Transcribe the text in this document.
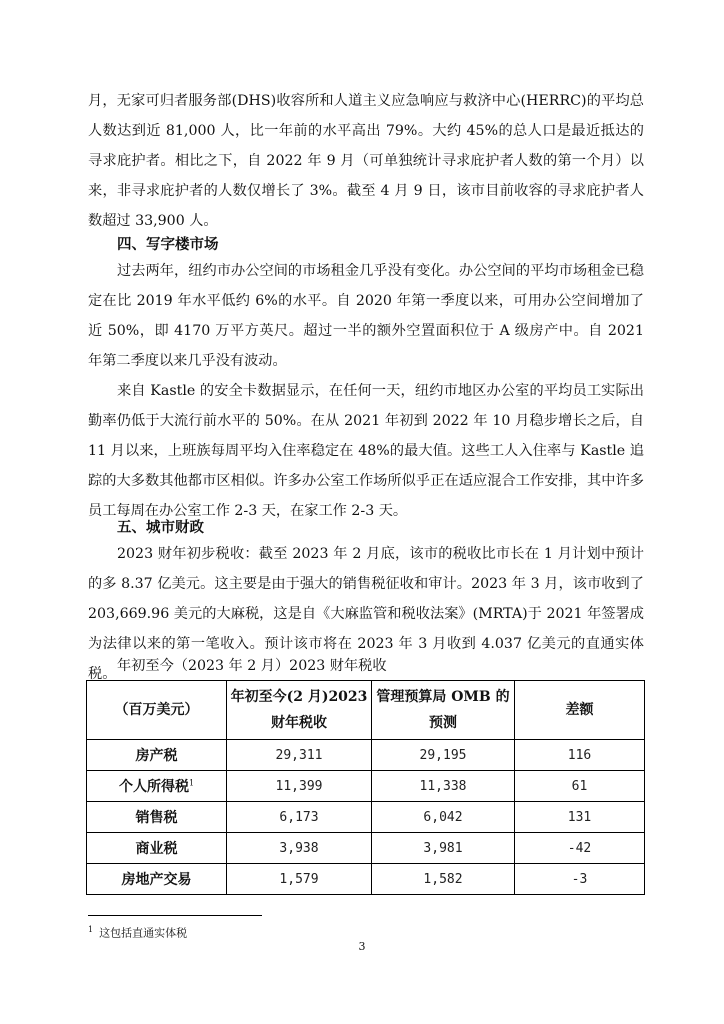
月，无家可归者服务部(DHS)收容所和人道主义应急响应与救济中心(HERRC)的平均总人数达到近 81,000 人，比一年前的水平高出 79%。大约 45%的总人口是最近抵达的寻求庇护者。相比之下，自 2022 年 9 月（可单独统计寻求庇护者人数的第一个月）以来，非寻求庇护者的人数仅增长了 3%。截至 4 月 9 日，该市目前收容的寻求庇护者人数超过 33,900 人。

四、写字楼市场

过去两年，纽约市办公空间的市场租金几乎没有变化。办公空间的平均市场租金已稳定在比 2019 年水平低约 6%的水平。自 2020 年第一季度以来，可用办公空间增加了近 50%，即 4170 万平方英尺。超过一半的额外空置面积位于 A 级房产中。自 2021 年第二季度以来几乎没有波动。

来自 Kastle 的安全卡数据显示，在任何一天，纽约市地区办公室的平均员工实际出勤率仍低于大流行前水平的 50%。在从 2021 年初到 2022 年 10 月稳步增长之后，自 11 月以来，上班族每周平均入住率稳定在 48%的最大值。这些工人入住率与 Kastle 追踪的大多数其他都市区相似。许多办公室工作场所似乎正在适应混合工作安排，其中许多员工每周在办公室工作 2-3 天，在家工作 2-3 天。

五、城市财政

2023 财年初步税收：截至 2023 年 2 月底，该市的税收比市长在 1 月计划中预计的多 8.37 亿美元。这主要是由于强大的销售税征收和审计。2023 年 3 月，该市收到了 203,669.96 美元的大麻税，这是自《大麻监管和税收法案》(MRTA)于 2021 年签署成为法律以来的第一笔收入。预计该市将在 2023 年 3 月收到 4.037 亿美元的直通实体税。 年初至今（2023 年 2 月）2023 财年税收

（百万美元）	年初至今(2 月)2023 财年税收	管理预算局 OMB 的预测	差额
房产税	29,311	29,195	116
个人所得税$^1$	11,399	11,338	61
销售税	6,173	6,042	131
商业税	3,938	3,981	-42
房地产交易	1,579	1,582	-3

$^1$ 这包括直通实体税

3
